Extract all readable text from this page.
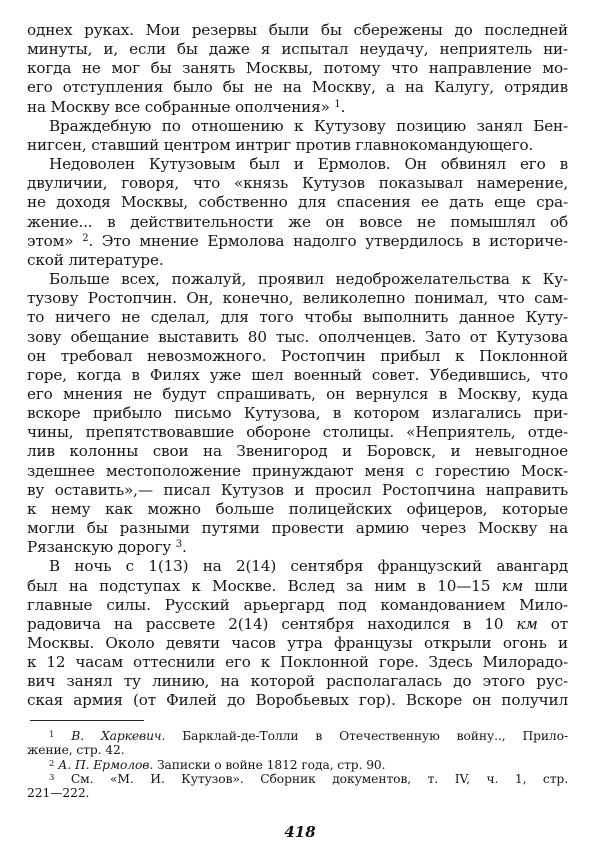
однех руках. Мои резервы были бы сбережены до последней
минуты, и, если бы даже я испытал неудачу, неприятель ни-
когда не мог бы занять Москвы, потому что направление мо-
его отступления было бы не на Москву, а на Калугу, отрядив
на Москву все собранные ополчения» $^1$.
Враждебную по отношению к Кутузову позицию занял Бен-
нигсен, ставший центром интриг против главнокомандующего.
Недоволен Кутузовым был и Ермолов. Он обвинял его в
двуличии, говоря, что «князь Кутузов показывал намерение,
не доходя Москвы, собственно для спасения ее дать еще сра-
жение... в действительности же он вовсе не помышлял об
этом» $^2$. Это мнение Ермолова надолго утвердилось в историче-
ской литературе.
Больше всех, пожалуй, проявил недоброжелательства к Ку-
тузову Ростопчин. Он, конечно, великолепно понимал, что сам-
то ничего не сделал, для того чтобы выполнить данное Куту-
зову обещание выставить 80 тыс. ополченцев. Зато от Кутузова
он требовал невозможного. Ростопчин прибыл к Поклонной
горе, когда в Филях уже шел военный совет. Убедившись, что
его мнения не будут спрашивать, он вернулся в Москву, куда
вскоре прибыло письмо Кутузова, в котором излагались при-
чины, препятствовавшие обороне столицы. «Неприятель, отде-
лив колонны свои на Звенигород и Боровск, и невыгодное
здешнее местоположение принуждают меня с горестию Моск-
ву оставить»,— писал Кутузов и просил Ростопчина направить
к нему как можно больше полицейских офицеров, которые
могли бы разными путями провести армию через Москву на
Рязанскую дорогу $^3$.
В ночь с 1(13) на 2(14) сентября французский авангард
был на подступах к Москве. Вслед за ним в 10—15 км шли
главные силы. Русский арьергард под командованием Мило-
радовича на рассвете 2(14) сентября находился в 10 км от
Москвы. Около девяти часов утра французы открыли огонь и
к 12 часам оттеснили его к Поклонной горе. Здесь Милорадо-
вич занял ту линию, на которой располагалась до этого рус-
ская армия (от Филей до Воробьевых гор). Вскоре он получил
$^1$ В. Харкевич. Барклай-де-Толли в Отечественную войну.., Прило-
жение, стр. 42.
$^2$ А. П. Ермолов. Записки о войне 1812 года, стр. 90.
$^3$ См. «М. И. Кутузов». Сборник документов, т. IV, ч. 1, стр.
221—222.
418
